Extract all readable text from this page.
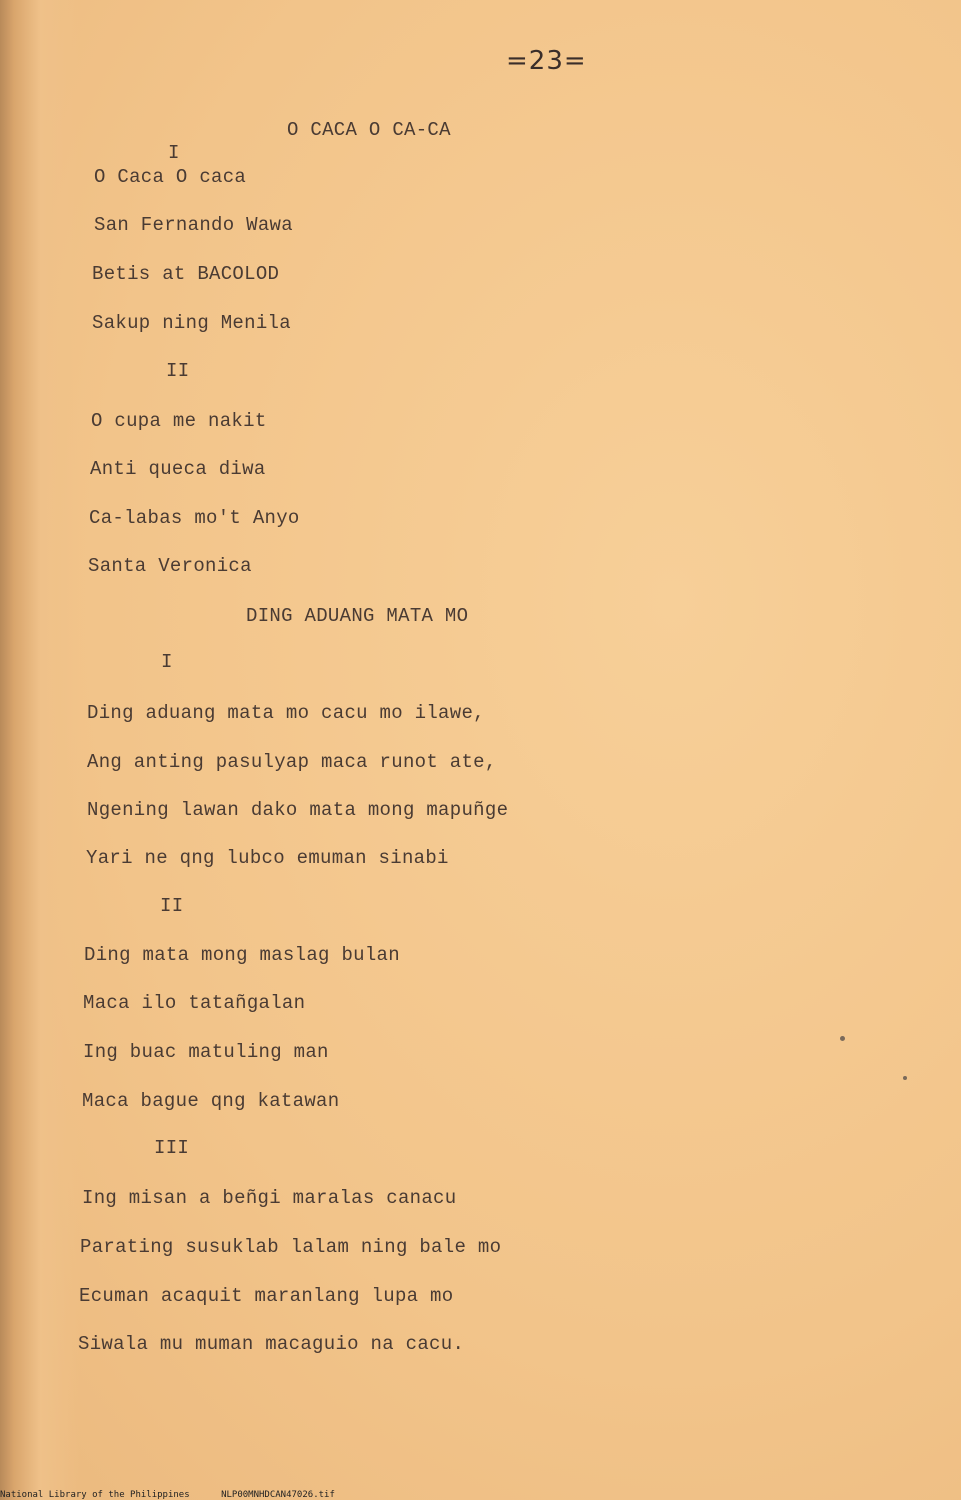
=23=
O CACA O CA-CA
I
O Caca O caca
San Fernando Wawa
Betis at BACOLOD
Sakup ning Menila
II
O cupa me nakit
Anti queca diwa
Ca-labas mo't Anyo
Santa Veronica
DING ADUANG MATA MO
I
Ding aduang mata mo cacu mo ilawe,
Ang anting pasulyap maca runot ate,
Ngening lawan dako mata mong mapuñge
Yari ne qng lubco emuman sinabi
II
Ding mata mong maslag bulan
Maca ilo tatañgalan
Ing buac matuling man
Maca bague qng katawan
III
Ing misan a beñgi maralas canacu
Parating susuklab lalam ning bale mo
Ecuman acaquit maranlang lupa mo
Siwala mu muman macaguio na cacu.
National Library of the Philippines	NLP00MNHDCAN47026.tif
